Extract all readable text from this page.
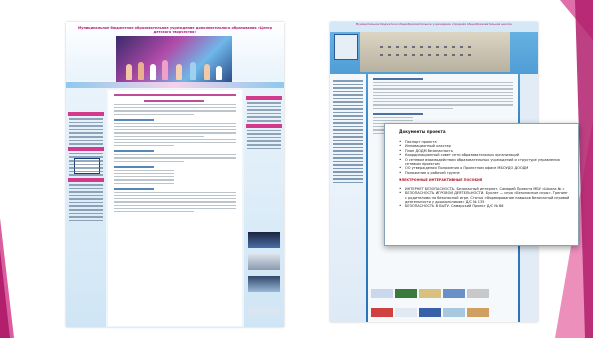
Муниципальное бюджетное образовательное учреждение дополнительного образования «Центр детского творчества»
Муниципальное бюджетное общеобразовательное учреждение «Средняя общеобразовательная школа»

Документы проекта
• Паспорт проекта
• Инновационный кластер
• План ДОДМ безопасность
• Координационный совет сети образовательных организаций
• О сетевом взаимодействии образовательных учреждений и структуре управления сетевым проектом
• ОО утверждении Положения о Проектном офисе МБОУДО ДООДМ
• Положение о рабочей группе
• ЭЛЕКТРОННЫЕ ИНТЕРАКТИВНЫЕ ПОСОБИЯ
• ИНТЕРНЕТ БЕЗОПАСНОСТЬ. Безопасный интернет. Самарий Проекта МБУ «Школа № »
• БЕЗОПАСНОСТЬ ИГРОВОЙ ДЕЯТЕЛЬНОСТИ. Буклет — игра «Безопасные игры». Тренинг с родителями по безопасной игре. Статья «Формирование навыков безопасной игровой деятельности у дошкольников» Д/С № 135
• БЕЗОПАСНОСТЬ В БЫТУ. Самарский Проект Д/С № 86
